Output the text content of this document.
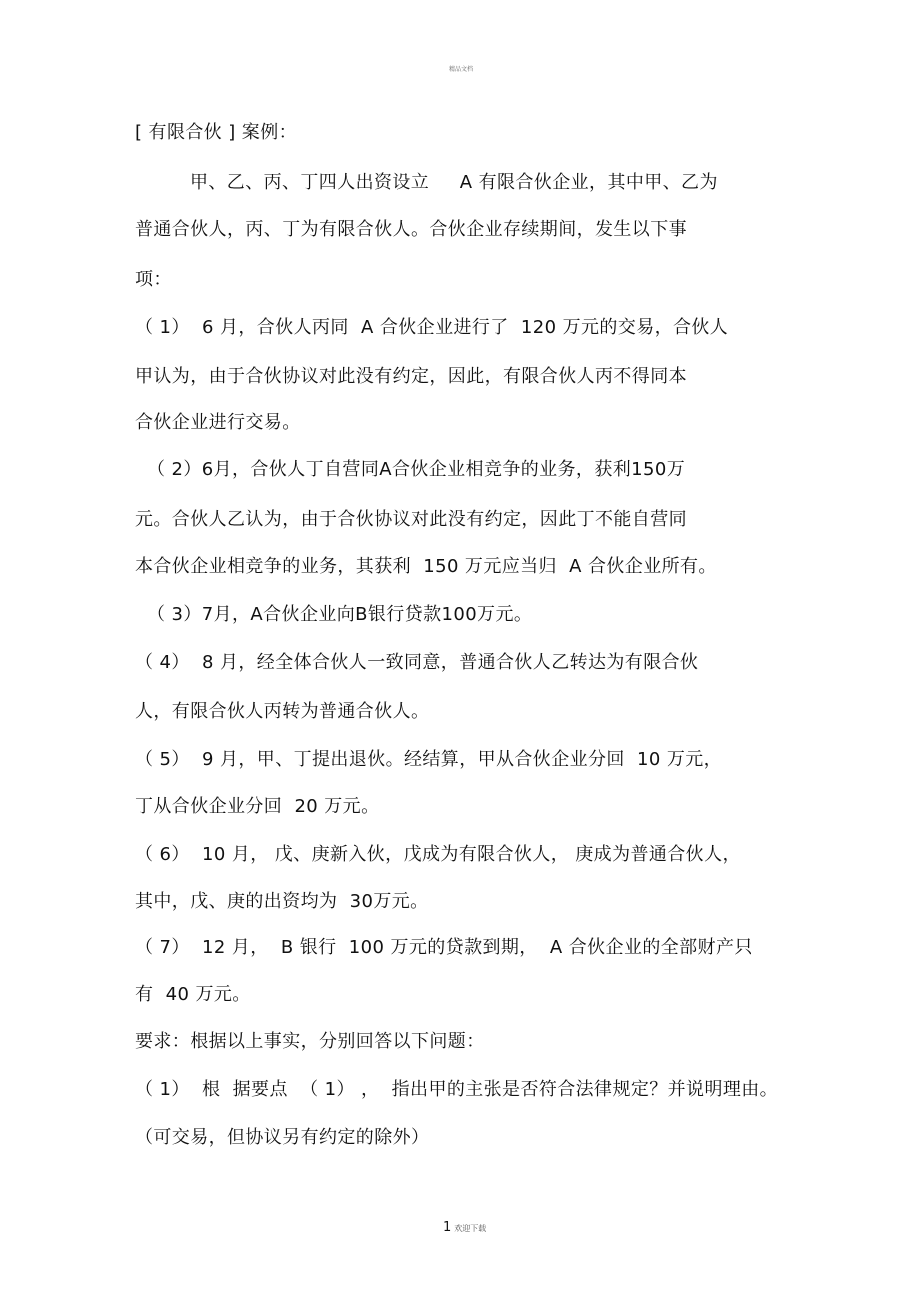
精品文档
[ 有限合伙 ] 案例：
甲、乙、丙、丁四人出资设立     A 有限合伙企业，其中甲、乙为
普通合伙人，丙、丁为有限合伙人。合伙企业存续期间，发生以下事
项：
（ 1）  6 月，合伙人丙同  A 合伙企业进行了  120 万元的交易，合伙人
甲认为，由于合伙协议对此没有约定，因此，有限合伙人丙不得同本
合伙企业进行交易。
（ 2）6月，合伙人丁自营同A合伙企业相竞争的业务，获利150万
元。合伙人乙认为，由于合伙协议对此没有约定，因此丁不能自营同
本合伙企业相竞争的业务，其获利  150 万元应当归  A 合伙企业所有。
（ 3）7月，A合伙企业向B银行贷款100万元。
（ 4）  8 月，经全体合伙人一致同意，普通合伙人乙转达为有限合伙
人，有限合伙人丙转为普通合伙人。
（ 5）  9 月，甲、丁提出退伙。经结算，甲从合伙企业分回  10 万元，
丁从合伙企业分回  20 万元。
（ 6）  10 月， 戊、庚新入伙，戊成为有限合伙人， 庚成为普通合伙人，
其中，戊、庚的出资均为  30万元。
（ 7）  12 月，  B 银行  100 万元的贷款到期，  A 合伙企业的全部财产只
有  40 万元。
要求：根据以上事实，分别回答以下问题：
（ 1）  根  据要点  （ 1） ，  指出甲的主张是否符合法律规定？并说明理由。
（可交易，但协议另有约定的除外）
1 欢迎下载
